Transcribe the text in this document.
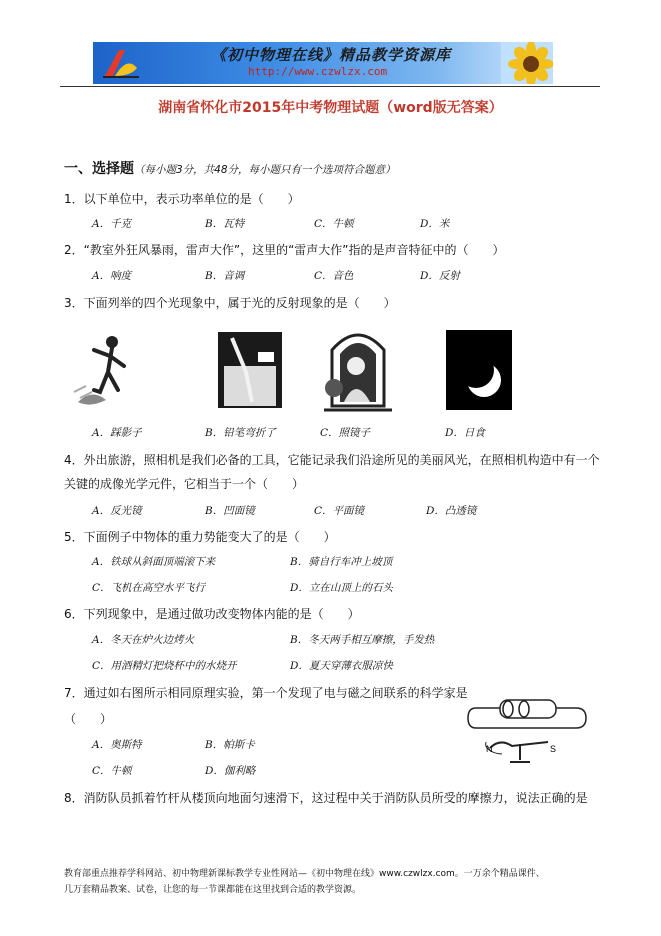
《初中物理在线》精品教学资源库
http://www.czwlzx.com
湖南省怀化市2015年中考物理试题（word版无答案）
一、选择题（每小题3分，共48分，每小题只有一个选项符合题意）
1．以下单位中，表示功率单位的是（　　）
A．千克	B．瓦特	C．牛顿	D．米
2．“教室外狂风暴雨，雷声大作”，这里的“雷声大作”指的是声音特征中的（　　）
A．响度	B．音调	C．音色	D．反射
3．下面列举的四个光现象中，属于光的反射现象的是（　　）
A．踩影子	B．铅笔弯折了	C．照镜子	D．日食
4．外出旅游，照相机是我们必备的工具，它能记录我们沿途所见的美丽风光，在照相机构造中有一个
关键的成像光学元件，它相当于一个（　　）
A．反光镜	B．凹面镜	C．平面镜	D．凸透镜
5．下面例子中物体的重力势能变大了的是（　　）
A．铁球从斜面顶端滚下来	B．骑自行车冲上坡顶
C．飞机在高空水平飞行	D．立在山顶上的石头
6．下列现象中，是通过做功改变物体内能的是（　　）
A．冬天在炉火边烤火	B．冬天两手相互摩擦，手发热
C．用酒精灯把烧杯中的水烧开	D．夏天穿薄衣服凉快
7．通过如右图所示相同原理实验，第一个发现了电与磁之间联系的科学家是
（　　）
A．奥斯特	B．帕斯卡
C．牛顿	D．伽利略
N	S
8．消防队员抓着竹杆从楼顶向地面匀速滑下，这过程中关于消防队员所受的摩擦力，说法正确的是
教育部重点推荐学科网站、初中物理新课标教学专业性网站—《初中物理在线》www.czwlzx.com。一万余个精品课件、
几万套精品教案、试卷，让您的每一节课都能在这里找到合适的教学资源。
